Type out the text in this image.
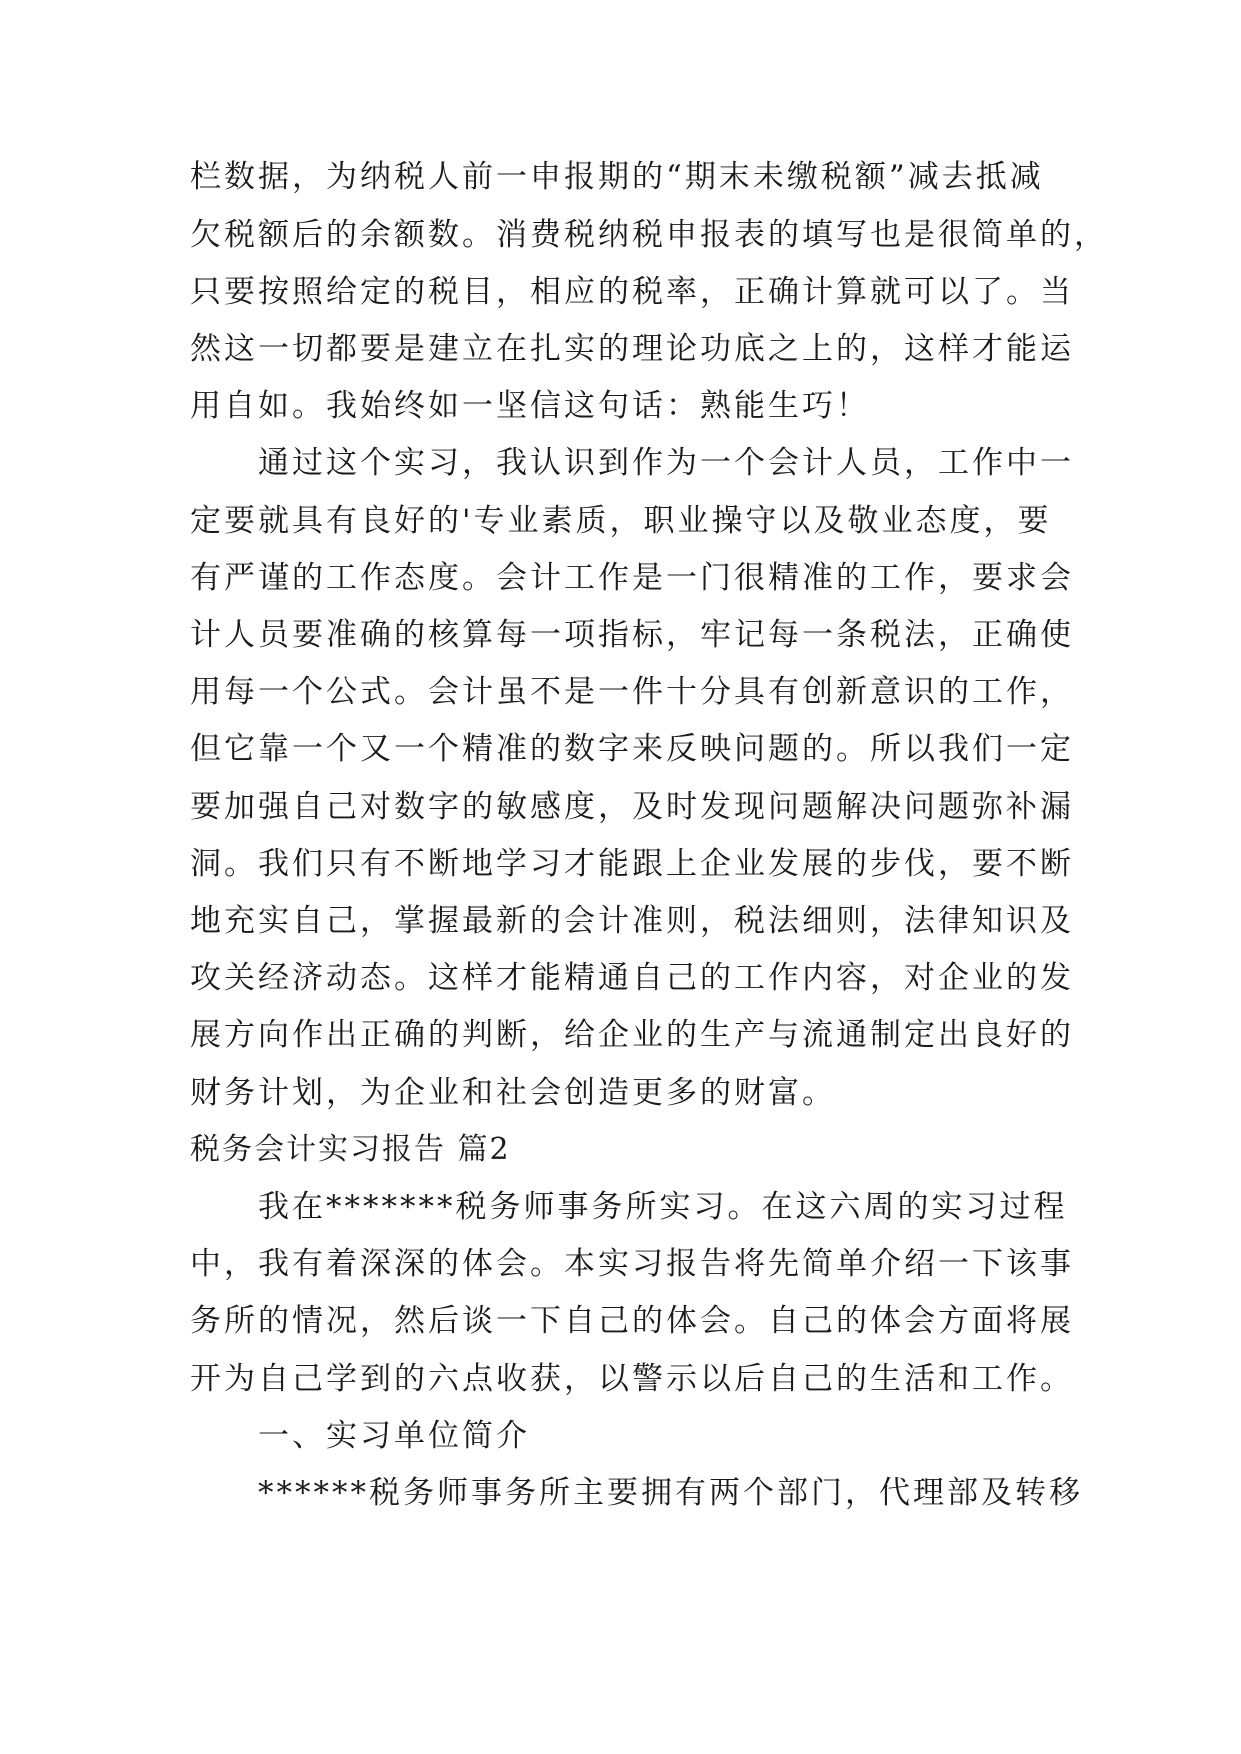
栏数据，为纳税人前一申报期的“期末未缴税额”减去抵减
欠税额后的余额数。消费税纳税申报表的填写也是很简单的，
只要按照给定的税目，相应的税率，正确计算就可以了。当
然这一切都要是建立在扎实的理论功底之上的，这样才能运
用自如。我始终如一坚信这句话：熟能生巧！
　　通过这个实习，我认识到作为一个会计人员，工作中一
定要就具有良好的'专业素质，职业操守以及敬业态度，要
有严谨的工作态度。会计工作是一门很精准的工作，要求会
计人员要准确的核算每一项指标，牢记每一条税法，正确使
用每一个公式。会计虽不是一件十分具有创新意识的工作，
但它靠一个又一个精准的数字来反映问题的。所以我们一定
要加强自己对数字的敏感度，及时发现问题解决问题弥补漏
洞。我们只有不断地学习才能跟上企业发展的步伐，要不断
地充实自己，掌握最新的会计准则，税法细则，法律知识及
攻关经济动态。这样才能精通自己的工作内容，对企业的发
展方向作出正确的判断，给企业的生产与流通制定出良好的
财务计划，为企业和社会创造更多的财富。
税务会计实习报告 篇2
　　我在*******税务师事务所实习。在这六周的实习过程
中，我有着深深的体会。本实习报告将先简单介绍一下该事
务所的情况，然后谈一下自己的体会。自己的体会方面将展
开为自己学到的六点收获，以警示以后自己的生活和工作。
　　一、实习单位简介
　　******税务师事务所主要拥有两个部门，代理部及转移
